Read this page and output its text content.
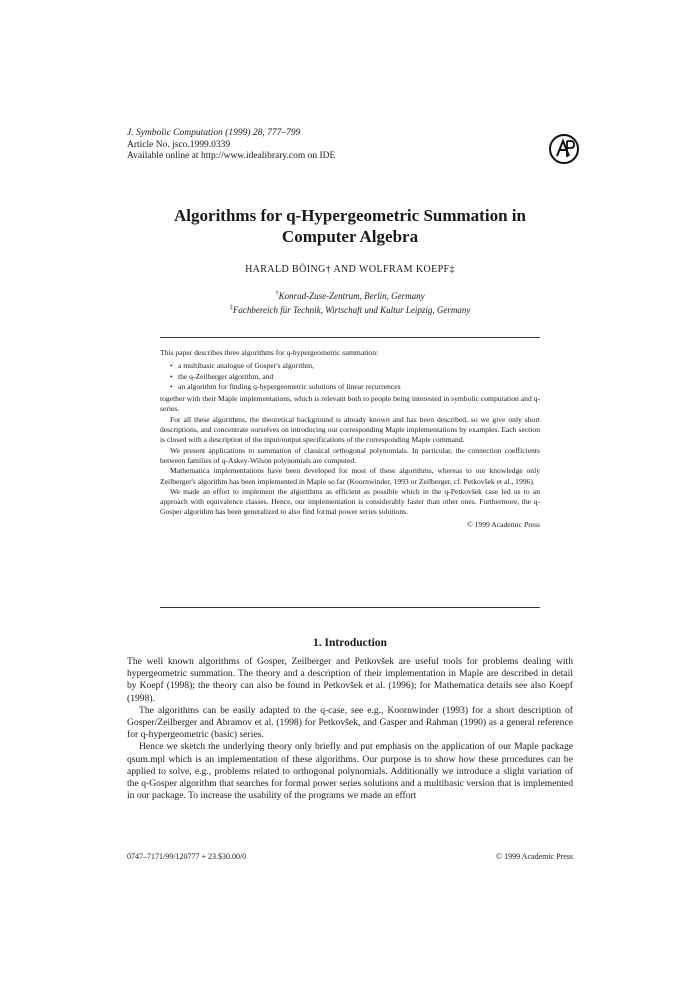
J. Symbolic Computation (1999) 28, 777–799
Article No. jsco.1999.0339
Available online at http://www.idealibrary.com on IDE
Algorithms for q-Hypergeometric Summation in
Computer Algebra
HARALD BÖING† AND WOLFRAM KOEPF‡
†Konrad-Zuse-Zentrum, Berlin, Germany
‡Fachbereich für Technik, Wirtschaft und Kultur Leipzig, Germany

This paper describes three algorithms for q-hypergeometric summation:

• a multibasic analogue of Gosper's algorithm,
• the q-Zeilberger algorithm, and
• an algorithm for finding q-hypergeometric solutions of linear recurrences

together with their Maple implementations, which is relevant both to people being interested in symbolic computation and q-series.

For all these algorithms, the theoretical background is already known and has been described, so we give only short descriptions, and concentrate ourselves on introducing our corresponding Maple implementations by examples. Each section is closed with a description of the input/output specifications of the corresponding Maple command.

We present applications to summation of classical orthogonal polynomials. In particular, the connection coefficients between families of q-Askey-Wilson polynomials are computed.

Mathematica implementations have been developed for most of these algorithms, whereas to our knowledge only Zeilberger's algorithm has been implemented in Maple so far (Koornwinder, 1993 or Zeilberger, cf. Petkovšek et al., 1996).

We made an effort to implement the algorithms as efficient as possible which in the q-Petkovšek case led us to an approach with equivalence classes. Hence, our implementation is considerably faster than other ones. Furthermore, the q-Gosper algorithm has been generalized to also find formal power series solutions.

© 1999 Academic Press
1. Introduction

The well known algorithms of Gosper, Zeilberger and Petkovšek are useful tools for problems dealing with hypergeometric summation. The theory and a description of their implementation in Maple are described in detail by Koepf (1998); the theory can also be found in Petkovšek et al. (1996); for Mathematica details see also Koepf (1998).

The algorithms can be easily adapted to the q-case, see e.g., Koornwinder (1993) for a short description of Gosper/Zeilberger and Abramov et al. (1998) for Petkovšek, and Gasper and Rahman (1990) as a general reference for q-hypergeometric (basic) series.

Hence we sketch the underlying theory only briefly and put emphasis on the application of our Maple package qsum.mpl which is an implementation of these algorithms. Our purpose is to show how these procedures can be applied to solve, e.g., problems related to orthogonal polynomials. Additionally we introduce a slight variation of the q-Gosper algorithm that searches for formal power series solutions and a multibasic version that is implemented in our package. To increase the usability of the programs we made an effort

0747–7171/99/120777 + 23 $30.00/0	© 1999 Academic Press
